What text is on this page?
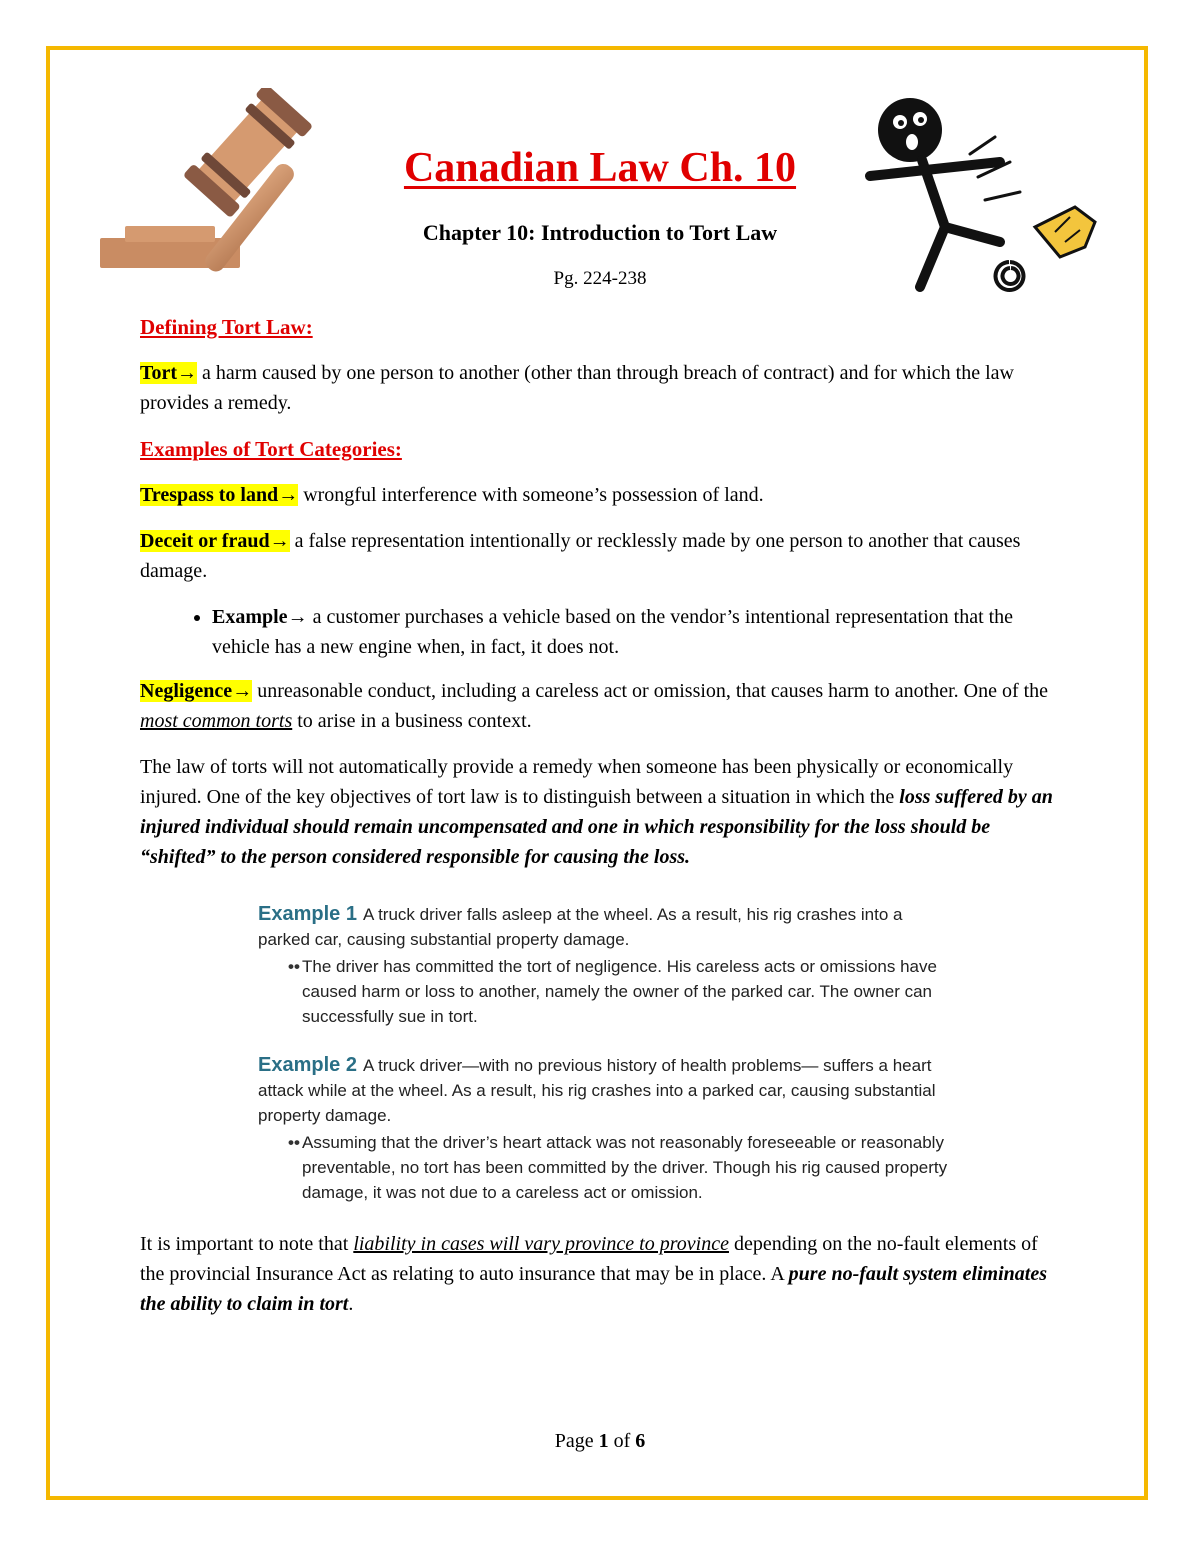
Canadian Law Ch. 10
Chapter 10: Introduction to Tort Law
Pg. 224-238

Defining Tort Law:

Tort→ a harm caused by one person to another (other than through breach of contract) and for which the law provides a remedy.

Examples of Tort Categories:

Trespass to land→ wrongful interference with someone’s possession of land.

Deceit or fraud→ a false representation intentionally or recklessly made by one person to another that causes damage.

• Example→ a customer purchases a vehicle based on the vendor’s intentional representation that the vehicle has a new engine when, in fact, it does not.

Negligence→ unreasonable conduct, including a careless act or omission, that causes harm to another. One of the most common torts to arise in a business context.

The law of torts will not automatically provide a remedy when someone has been physically or economically injured. One of the key objectives of tort law is to distinguish between a situation in which the loss suffered by an injured individual should remain uncompensated and one in which responsibility for the loss should be “shifted” to the person considered responsible for causing the loss.

Example 1 A truck driver falls asleep at the wheel. As a result, his rig crashes into a parked car, causing substantial property damage.
•• The driver has committed the tort of negligence. His careless acts or omissions have caused harm or loss to another, namely the owner of the parked car. The owner can successfully sue in tort.
Example 2 A truck driver—with no previous history of health problems— suffers a heart attack while at the wheel. As a result, his rig crashes into a parked car, causing substantial property damage.
•• Assuming that the driver’s heart attack was not reasonably foreseeable or reasonably preventable, no tort has been committed by the driver. Though his rig caused property damage, it was not due to a careless act or omission.

It is important to note that liability in cases will vary province to province depending on the no-fault elements of the provincial Insurance Act as relating to auto insurance that may be in place. A pure no-fault system eliminates the ability to claim in tort.

Page 1 of 6
